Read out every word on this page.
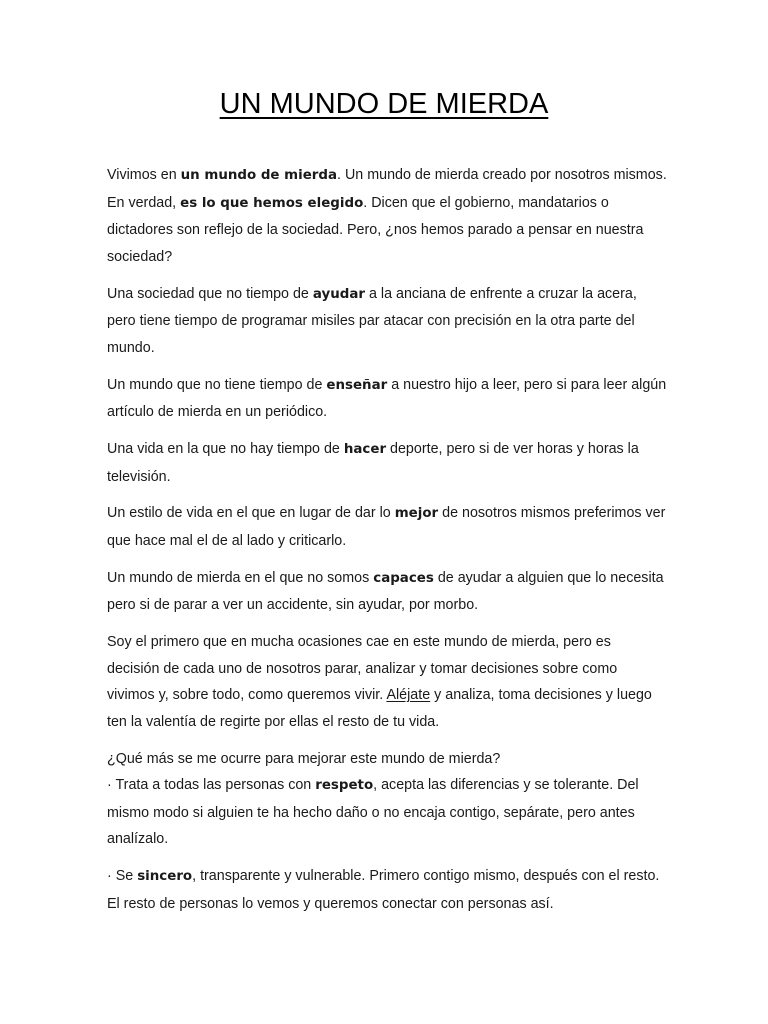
UN MUNDO DE MIERDA

Vivimos en un mundo de mierda. Un mundo de mierda creado por nosotros mismos. En verdad, es lo que hemos elegido. Dicen que el gobierno, mandatarios o dictadores son reflejo de la sociedad. Pero, ¿nos hemos parado a pensar en nuestra sociedad?

Una sociedad que no tiempo de ayudar a la anciana de enfrente a cruzar la acera, pero tiene tiempo de programar misiles par atacar con precisión en la otra parte del mundo.

Un mundo que no tiene tiempo de enseñar a nuestro hijo a leer, pero si para leer algún artículo de mierda en un periódico.

Una vida en la que no hay tiempo de hacer deporte, pero si de ver horas y horas la televisión.

Un estilo de vida en el que en lugar de dar lo mejor de nosotros mismos preferimos ver que hace mal el de al lado y criticarlo.

Un mundo de mierda en el que no somos capaces de ayudar a alguien que lo necesita pero si de parar a ver un accidente, sin ayudar, por morbo.

Soy el primero que en mucha ocasiones cae en este mundo de mierda, pero es decisión de cada uno de nosotros parar, analizar y tomar decisiones sobre como vivimos y, sobre todo, como queremos vivir. Aléjate y analiza, toma decisiones y luego ten la valentía de regirte por ellas el resto de tu vida.

¿Qué más se me ocurre para mejorar este mundo de mierda?

· Trata a todas las personas con respeto, acepta las diferencias y se tolerante. Del mismo modo si alguien te ha hecho daño o no encaja contigo, sepárate, pero antes analízalo.

· Se sincero, transparente y vulnerable. Primero contigo mismo, después con el resto. El resto de personas lo vemos y queremos conectar con personas así.
